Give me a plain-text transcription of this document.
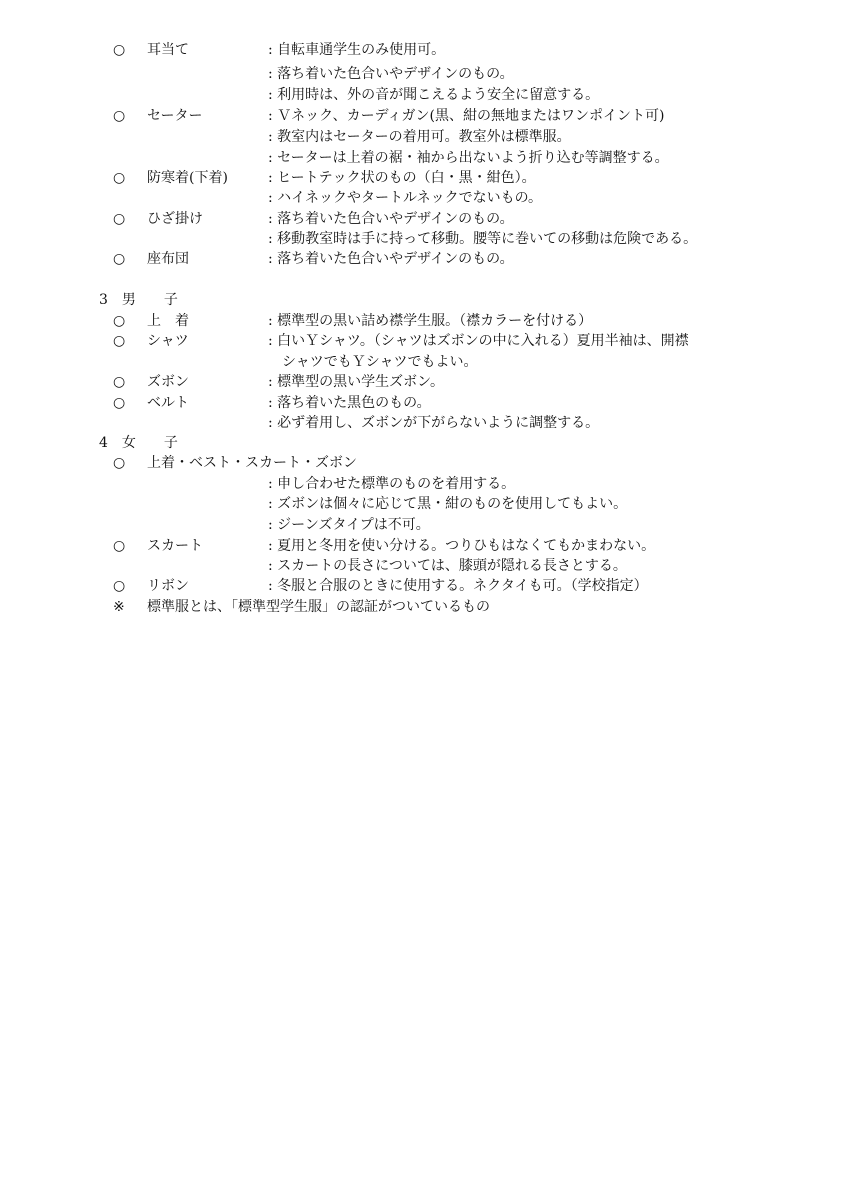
○ 耳当て	: 自転車通学生のみ使用可。
: 落ち着いた色合いやデザインのもの。
: 利用時は、外の音が聞こえるよう安全に留意する。
○ セーター	: Ｖネック、カーディガン(黒、紺の無地またはワンポイント可)
: 教室内はセーターの着用可。教室外は標準服。
: セーターは上着の裾・袖から出ないよう折り込む等調整する。
○ 防寒着(下着)	: ヒートテック状のもの（白・黒・紺色）。
: ハイネックやタートルネックでないもの。
○ ひざ掛け	: 落ち着いた色合いやデザインのもの。
: 移動教室時は手に持って移動。腰等に巻いての移動は危険である。
○ 座布団	: 落ち着いた色合いやデザインのもの。
3　男　　子
○ 上　着	: 標準型の黒い詰め襟学生服。（襟カラーを付ける）
○ シャツ	: 白いＹシャツ。（シャツはズボンの中に入れる）夏用半袖は、開襟
シャツでもＹシャツでもよい。
○ ズボン	: 標準型の黒い学生ズボン。
○ ベルト	: 落ち着いた黒色のもの。
: 必ず着用し、ズボンが下がらないように調整する。
4　女　　子
○ 上着・ベスト・スカート・ズボン
: 申し合わせた標準のものを着用する。
: ズボンは個々に応じて黒・紺のものを使用してもよい。
: ジーンズタイプは不可。
○ スカート	: 夏用と冬用を使い分ける。つりひもはなくてもかまわない。
: スカートの長さについては、膝頭が隠れる長さとする。
○ リボン	: 冬服と合服のときに使用する。ネクタイも可。（学校指定）
※ 標準服とは、「標準型学生服」の認証がついているもの
